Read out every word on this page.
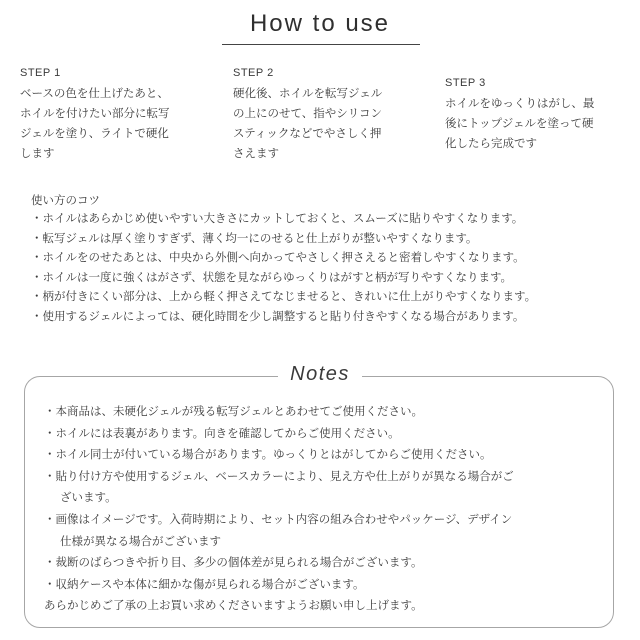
How to use
STEP 1
ベースの色を仕上げたあと、
ホイルを付けたい部分に転写
ジェルを塗り、ライトで硬化
します
STEP 2
硬化後、ホイルを転写ジェル
の上にのせて、指やシリコン
スティックなどでやさしく押
さえます
STEP 3
ホイルをゆっくりはがし、最
後にトップジェルを塗って硬
化したら完成です
使い方のコツ
・ホイルはあらかじめ使いやすい大きさにカットしておくと、スムーズに貼りやすくなります。
・転写ジェルは厚く塗りすぎず、薄く均一にのせると仕上がりが整いやすくなります。
・ホイルをのせたあとは、中央から外側へ向かってやさしく押さえると密着しやすくなります。
・ホイルは一度に強くはがさず、状態を見ながらゆっくりはがすと柄が写りやすくなります。
・柄が付きにくい部分は、上から軽く押さえてなじませると、きれいに仕上がりやすくなります。
・使用するジェルによっては、硬化時間を少し調整すると貼り付きやすくなる場合があります。
Notes
・本商品は、未硬化ジェルが残る転写ジェルとあわせてご使用ください。
・ホイルには表裏があります。向きを確認してからご使用ください。
・ホイル同士が付いている場合があります。ゆっくりとはがしてからご使用ください。
・貼り付け方や使用するジェル、ベースカラーにより、見え方や仕上がりが異なる場合がご
ざいます。
・画像はイメージです。入荷時期により、セット内容の組み合わせやパッケージ、デザイン
仕様が異なる場合がございます
・裁断のばらつきや折り目、多少の個体差が見られる場合がございます。
・収納ケースや本体に細かな傷が見られる場合がございます。
あらかじめご了承の上お買い求めくださいますようお願い申し上げます。
